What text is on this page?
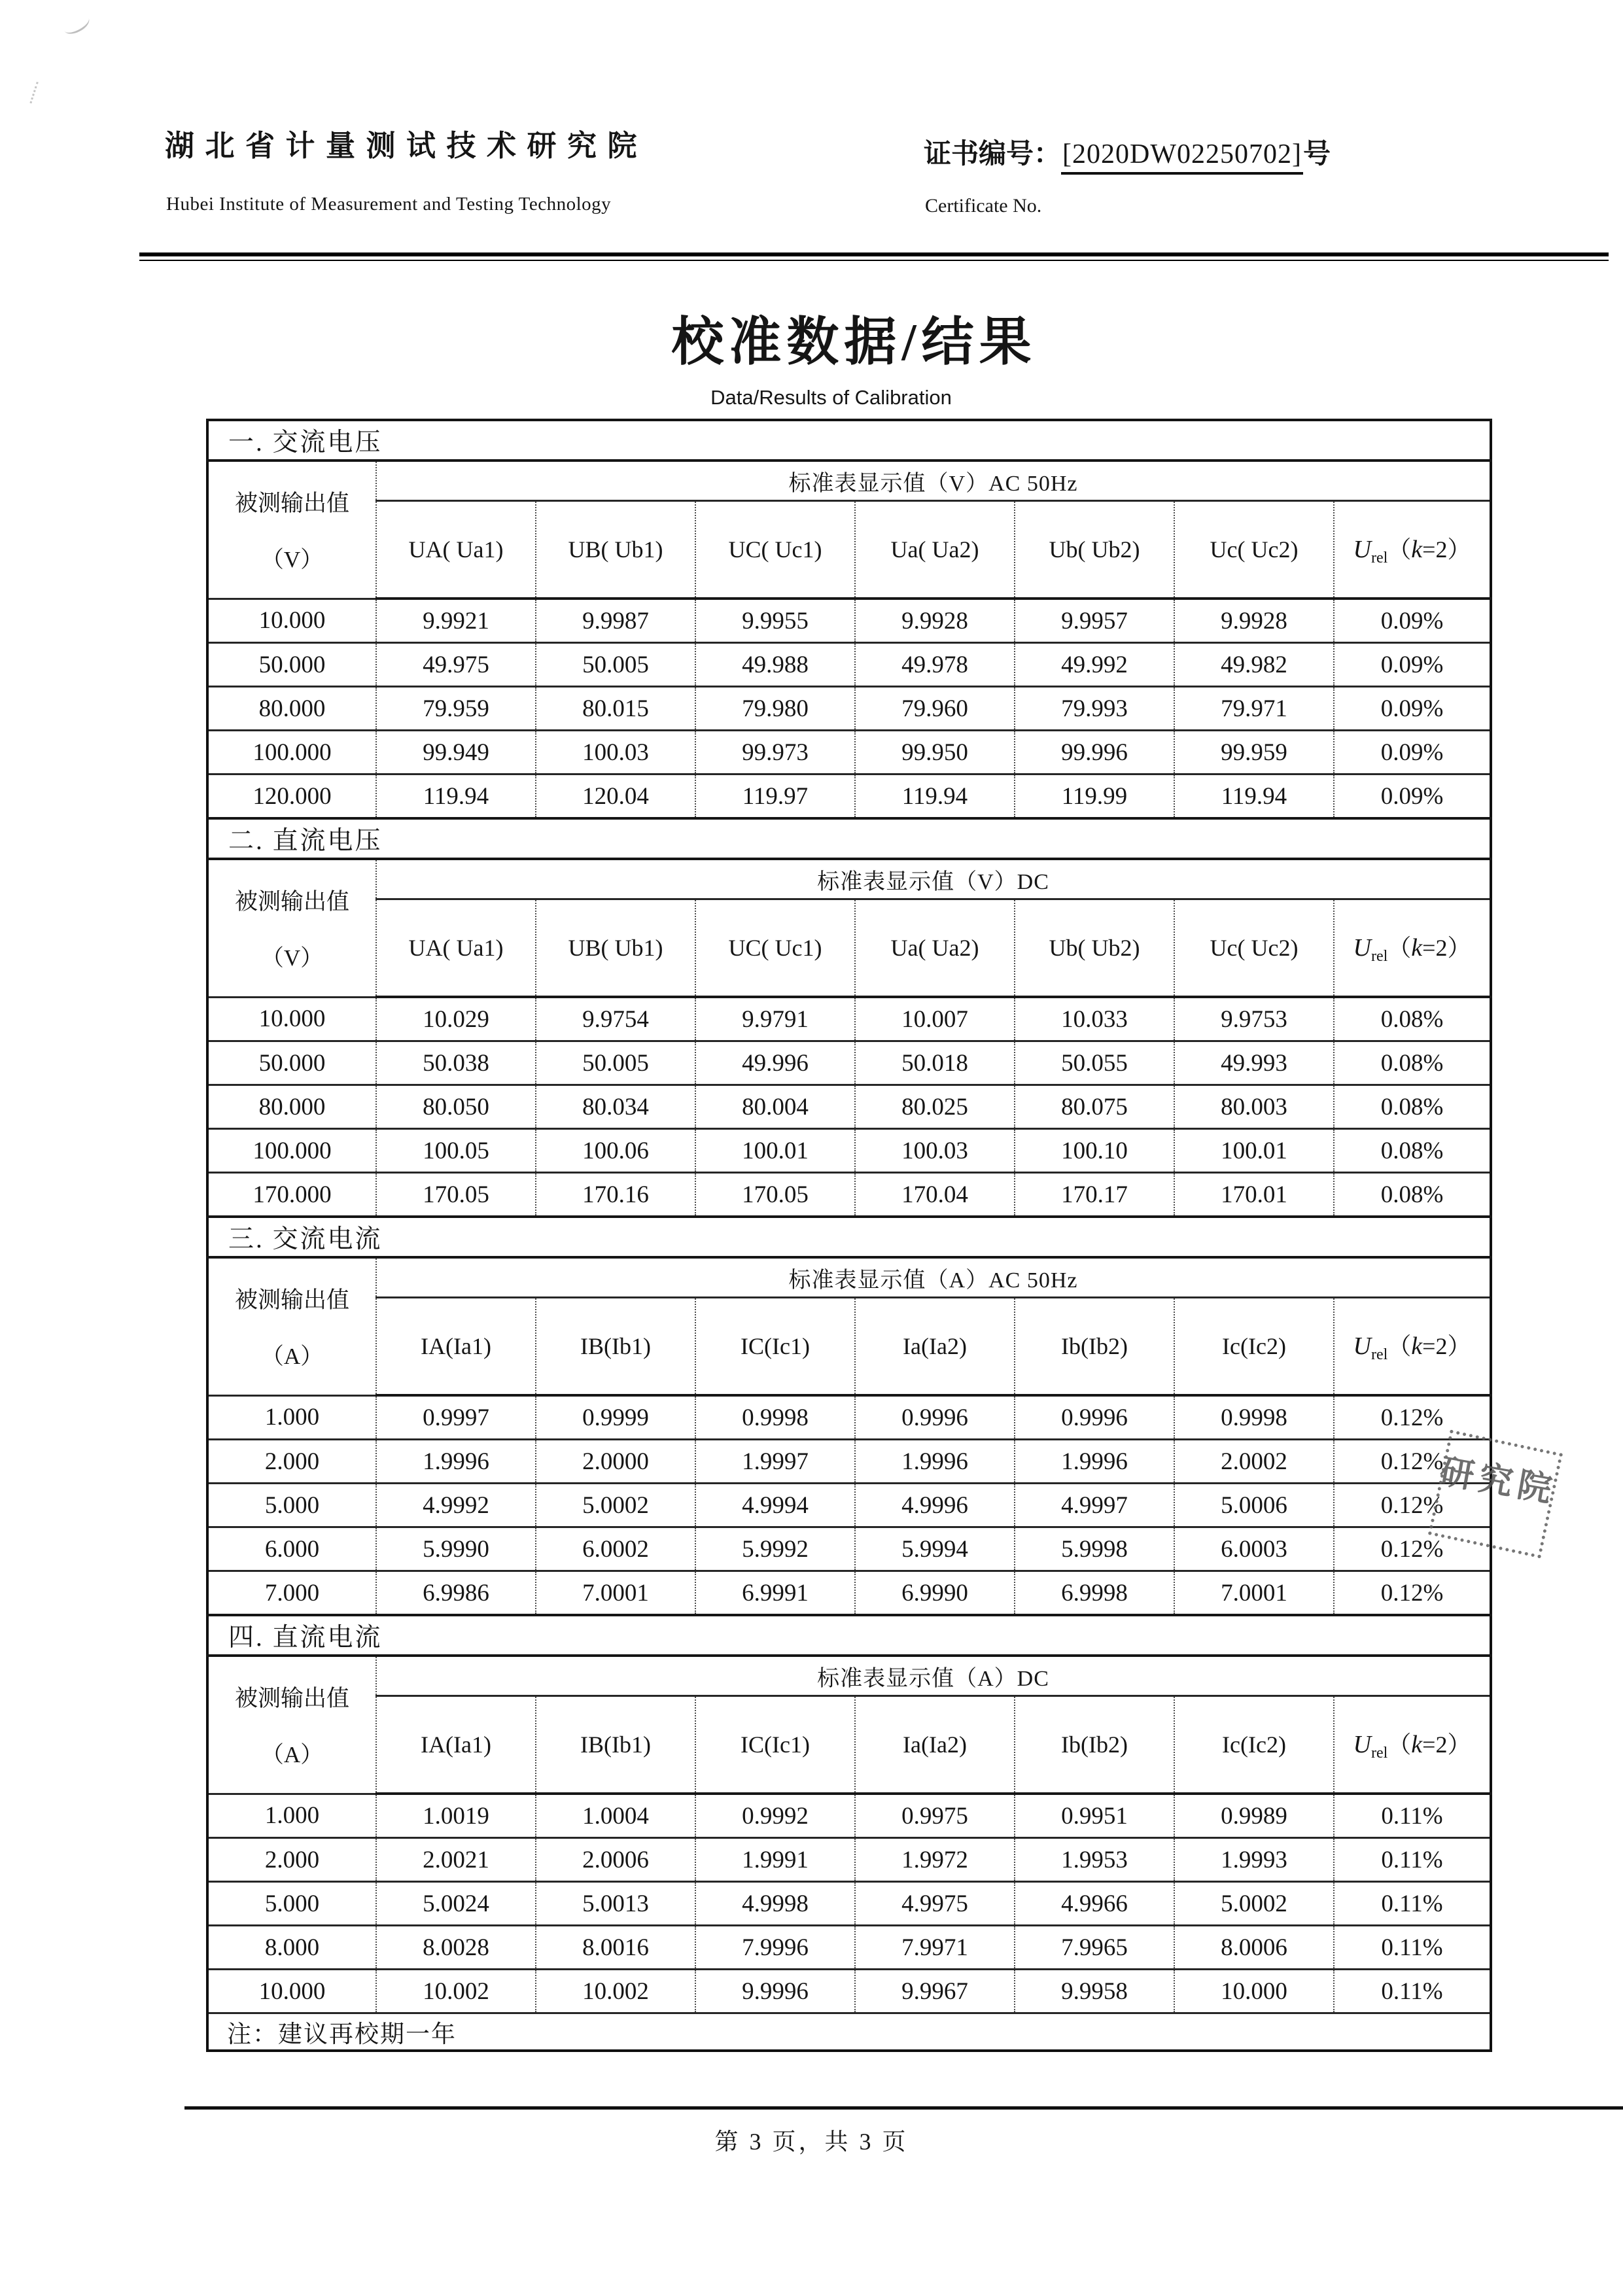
湖 北 省 计 量 测 试 技 术 研 究 院
Hubei Institute of Measurement and Testing Technology
证书编号：[2020DW02250702]号
Certificate No.
校准数据/结果
Data/Results of Calibration
一. 交流电压							

被测输出值
（V）	标准表显示值（V）AC 50Hz						
	UA( Ua1)	UB( Ub1)	UC( Uc1)	Ua( Ua2)	Ub( Ub2)	Uc( Uc2)	$U_{rel}(k=2)$
10.000	9.9921	9.9987	9.9955	9.9928	9.9957	9.9928	0.09%
50.000	49.975	50.005	49.988	49.978	49.992	49.982	0.09%
80.000	79.959	80.015	79.980	79.960	79.993	79.971	0.09%
100.000	99.949	100.03	99.973	99.950	99.996	99.959	0.09%
120.000	119.94	120.04	119.97	119.94	119.99	119.94	0.09%
二. 直流电压							

被测输出值
（V）	标准表显示值（V）DC						
	UA( Ua1)	UB( Ub1)	UC( Uc1)	Ua( Ua2)	Ub( Ub2)	Uc( Uc2)	$U_{rel}(k=2)$
10.000	10.029	9.9754	9.9791	10.007	10.033	9.9753	0.08%
50.000	50.038	50.005	49.996	50.018	50.055	49.993	0.08%
80.000	80.050	80.034	80.004	80.025	80.075	80.003	0.08%
100.000	100.05	100.06	100.01	100.03	100.10	100.01	0.08%
170.000	170.05	170.16	170.05	170.04	170.17	170.01	0.08%
三. 交流电流							

被测输出值
（A）	标准表显示值（A）AC 50Hz						
	IA(Ia1)	IB(Ib1)	IC(Ic1)	Ia(Ia2)	Ib(Ib2)	Ic(Ic2)	$U_{rel}(k=2)$
1.000	0.9997	0.9999	0.9998	0.9996	0.9996	0.9998	0.12%
2.000	1.9996	2.0000	1.9997	1.9996	1.9996	2.0002	0.12%
5.000	4.9992	5.0002	4.9994	4.9996	4.9997	5.0006	0.12%
6.000	5.9990	6.0002	5.9992	5.9994	5.9998	6.0003	0.12%
7.000	6.9986	7.0001	6.9991	6.9990	6.9998	7.0001	0.12%
四. 直流电流							

被测输出值
（A）	标准表显示值（A）DC						
	IA(Ia1)	IB(Ib1)	IC(Ic1)	Ia(Ia2)	Ib(Ib2)	Ic(Ic2)	$U_{rel}(k=2)$
1.000	1.0019	1.0004	0.9992	0.9975	0.9951	0.9989	0.11%
2.000	2.0021	2.0006	1.9991	1.9972	1.9953	1.9993	0.11%
5.000	5.0024	5.0013	4.9998	4.9975	4.9966	5.0002	0.11%
8.000	8.0028	8.0016	7.9996	7.9971	7.9965	8.0006	0.11%
10.000	10.002	10.002	9.9996	9.9967	9.9958	10.000	0.11%
注：建议再校期一年							
研究院
第 3 页，共 3 页
